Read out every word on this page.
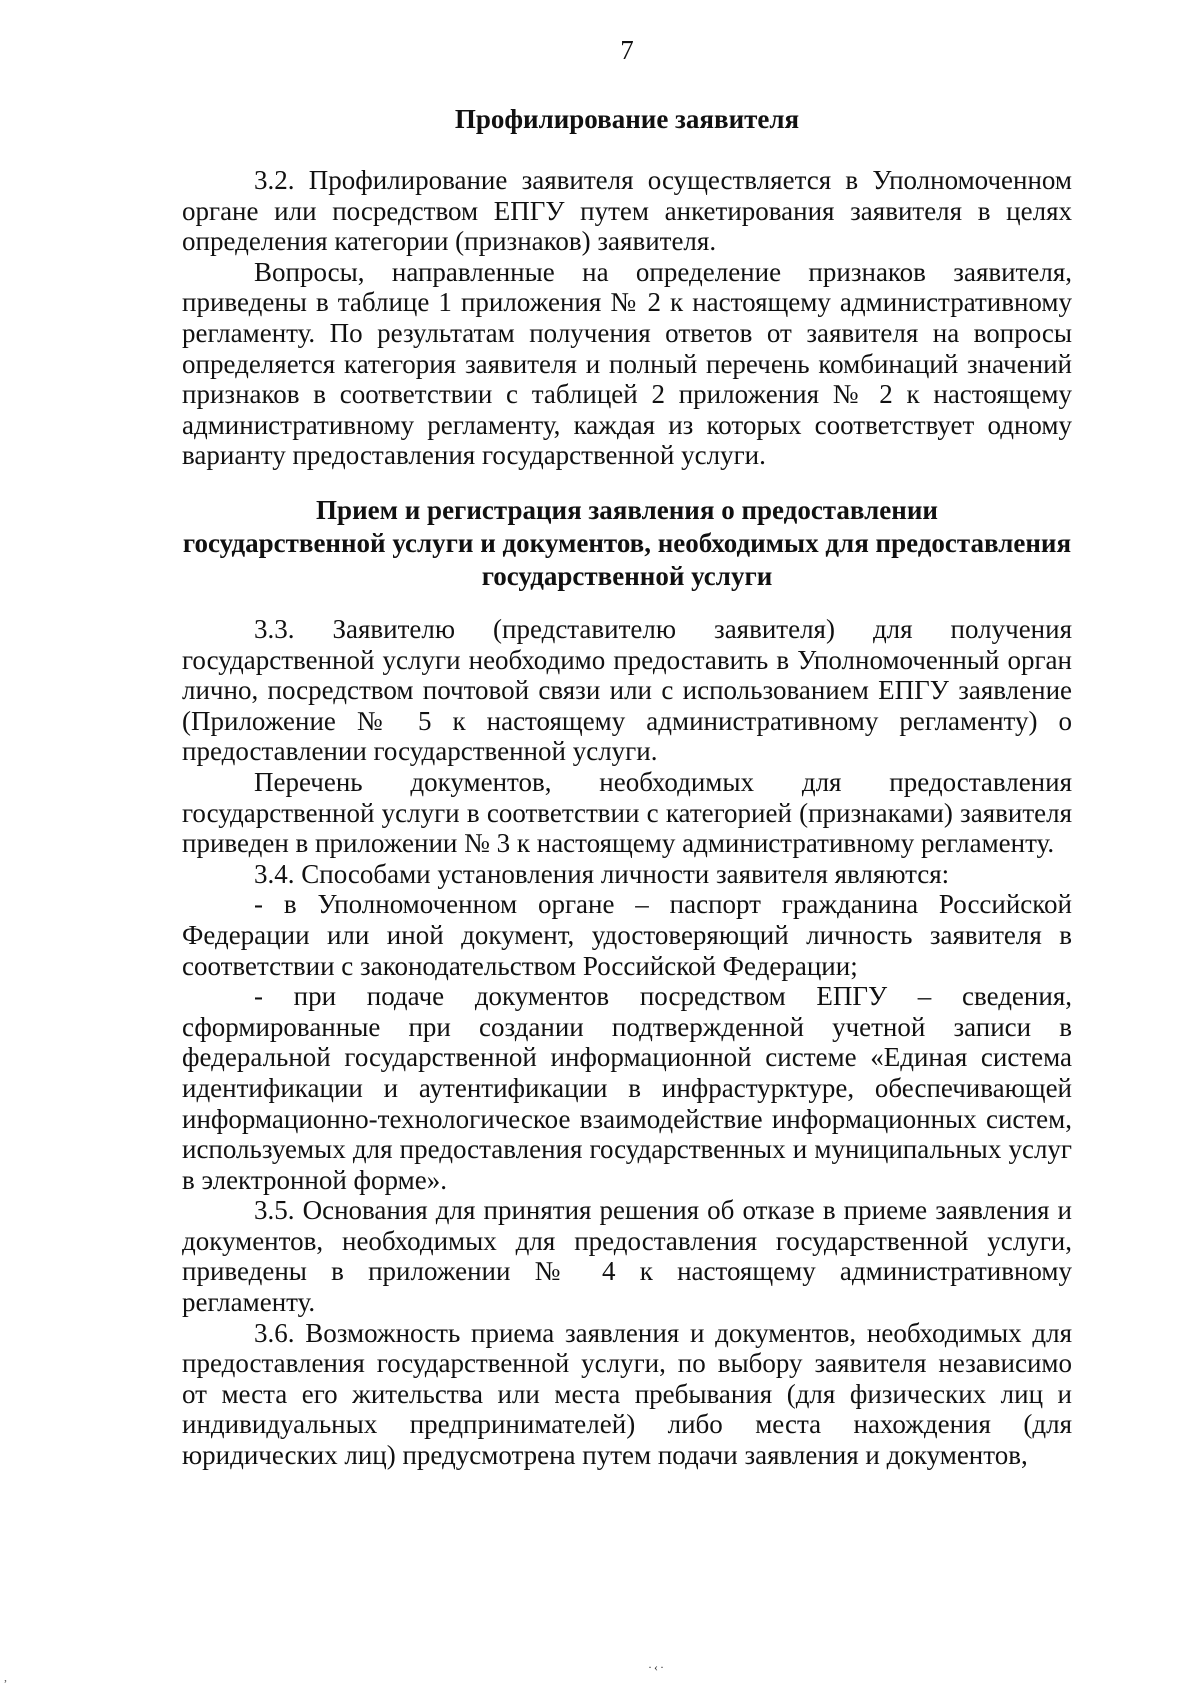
7

Профилирование заявителя

3.2. Профилирование заявителя осуществляется в Уполномоченном органе или посредством ЕПГУ путем анкетирования заявителя в целях определения категории (признаков) заявителя.

Вопросы, направленные на определение признаков заявителя, приведены в таблице 1 приложения № 2 к настоящему административному регламенту. По результатам получения ответов от заявителя на вопросы определяется категория заявителя и полный перечень комбинаций значений признаков в соответствии с таблицей 2 приложения № 2 к настоящему административному регламенту, каждая из которых соответствует одному варианту предоставления государственной услуги.

Прием и регистрация заявления о предоставлении
государственной услуги и документов, необходимых для предоставления
государственной услуги

3.3. Заявителю (представителю заявителя) для получения государственной услуги необходимо предоставить в Уполномоченный орган лично, посредством почтовой связи или с использованием ЕПГУ заявление (Приложение № 5 к настоящему административному регламенту) о предоставлении государственной услуги.

Перечень документов, необходимых для предоставления государственной услуги в соответствии с категорией (признаками) заявителя приведен в приложении № 3 к настоящему административному регламенту.

3.4. Способами установления личности заявителя являются:

- в Уполномоченном органе – паспорт гражданина Российской Федерации или иной документ, удостоверяющий личность заявителя в соответствии с законодательством Российской Федерации;

- при подаче документов посредством ЕПГУ – сведения, сформированные при создании подтвержденной учетной записи в федеральной государственной информационной системе «Единая система идентификации и аутентификации в инфрастурктуре, обеспечивающей информационно-технологическое взаимодействие информационных систем, используемых для предоставления государственных и муниципальных услуг в электронной форме».

3.5. Основания для принятия решения об отказе в приеме заявления и документов, необходимых для предоставления государственной услуги, приведены в приложении № 4 к настоящему административному регламенту.

3.6. Возможность приема заявления и документов, необходимых для предоставления государственной услуги, по выбору заявителя независимо от места его жительства или места пребывания (для физических лиц и индивидуальных предпринимателей) либо места нахождения (для юридических лиц) предусмотрена путем подачи заявления и документов,

·‹·
,
